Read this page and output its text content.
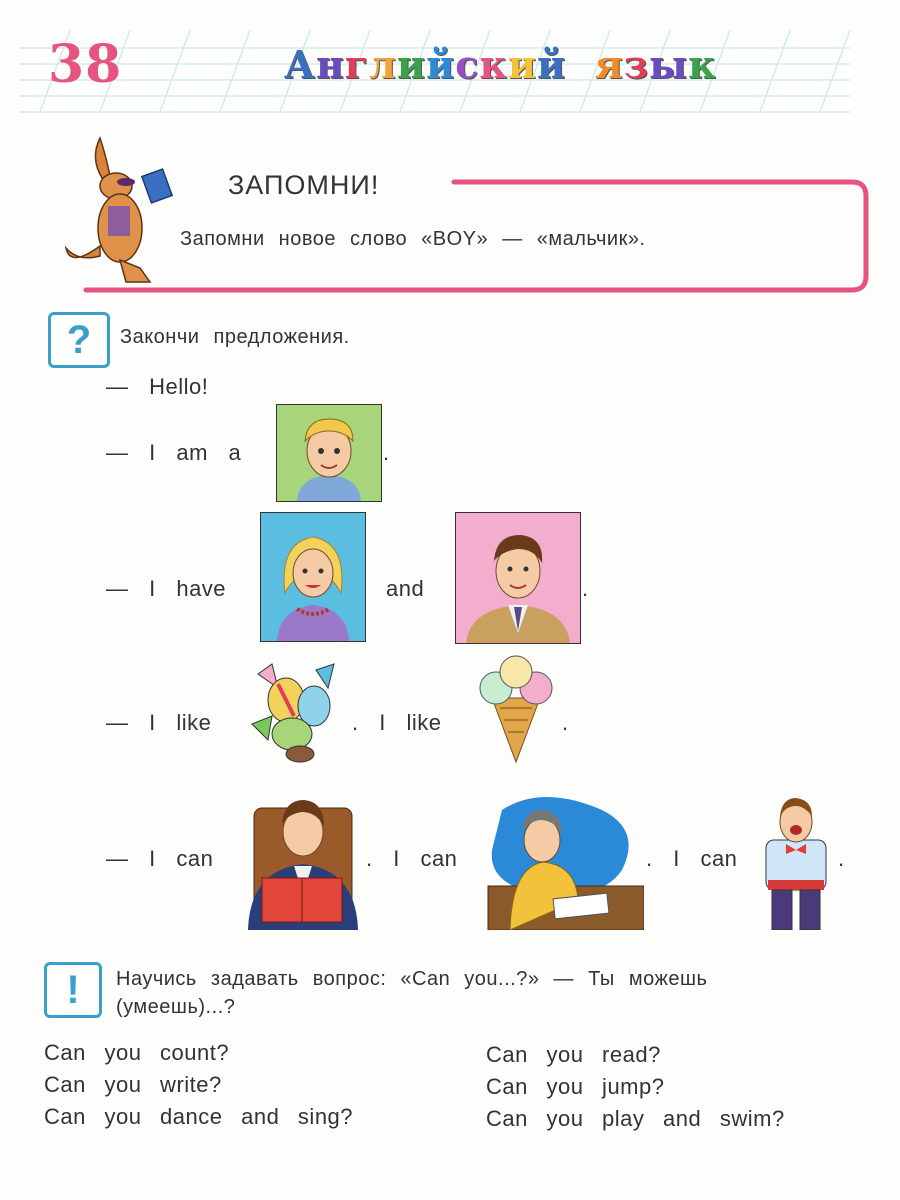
38	Английский язык
ЗАПОМНИ!
Запомни новое слово «BOY» — «мальчик».
?	Закончи предложения.
— Hello!
— I am a	.
— I have	and	.
— I like	. I like	.
— I can	. I can	. I can	.
!	Научись задавать вопрос: «Can you...?» — Ты можешь
(умеешь)...?
Can you count?
Can you write?
Can you dance and sing?
Can you read?
Can you jump?
Can you play and swim?
